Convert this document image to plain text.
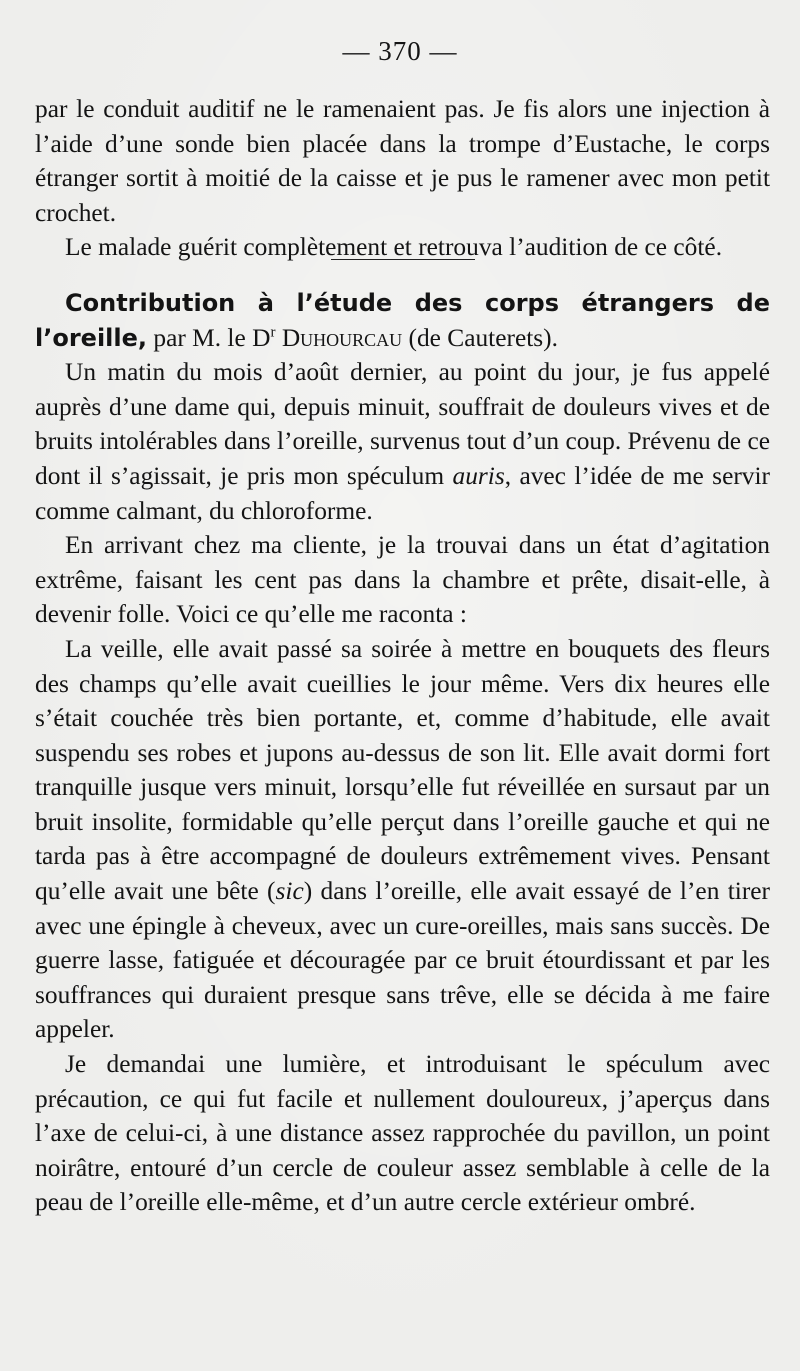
— 370 —

par le conduit auditif ne le ramenaient pas. Je fis alors une injection à l’aide d’une sonde bien placée dans la trompe d’Eustache, le corps étranger sortit à moitié de la caisse et je pus le ramener avec mon petit crochet.

Le malade guérit complètement et retrouva l’audition de ce côté.

Contribution à l’étude des corps étrangers de l’oreille, par M. le $D^r$ Duhourcau (de Cauterets).

Un matin du mois d’août dernier, au point du jour, je fus appelé auprès d’une dame qui, depuis minuit, souffrait de douleurs vives et de bruits intolérables dans l’oreille, survenus tout d’un coup. Prévenu de ce dont il s’agissait, je pris mon spéculum auris, avec l’idée de me servir comme calmant, du chloroforme.

En arrivant chez ma cliente, je la trouvai dans un état d’agitation extrême, faisant les cent pas dans la chambre et prête, disait-elle, à devenir folle. Voici ce qu’elle me raconta :

La veille, elle avait passé sa soirée à mettre en bouquets des fleurs des champs qu’elle avait cueillies le jour même. Vers dix heures elle s’était couchée très bien portante, et, comme d’habitude, elle avait suspendu ses robes et jupons au-dessus de son lit. Elle avait dormi fort tranquille jusque vers minuit, lorsqu’elle fut réveillée en sursaut par un bruit insolite, formidable qu’elle perçut dans l’oreille gauche et qui ne tarda pas à être accompagné de douleurs extrêmement vives. Pensant qu’elle avait une bête (sic) dans l’oreille, elle avait essayé de l’en tirer avec une épingle à cheveux, avec un cure-oreilles, mais sans succès. De guerre lasse, fatiguée et découragée par ce bruit étourdissant et par les souffrances qui duraient presque sans trêve, elle se décida à me faire appeler.

Je demandai une lumière, et introduisant le spéculum avec précaution, ce qui fut facile et nullement douloureux, j’aperçus dans l’axe de celui-ci, à une distance assez rapprochée du pavillon, un point noirâtre, entouré d’un cercle de couleur assez semblable à celle de la peau de l’oreille elle-même, et d’un autre cercle extérieur ombré.
